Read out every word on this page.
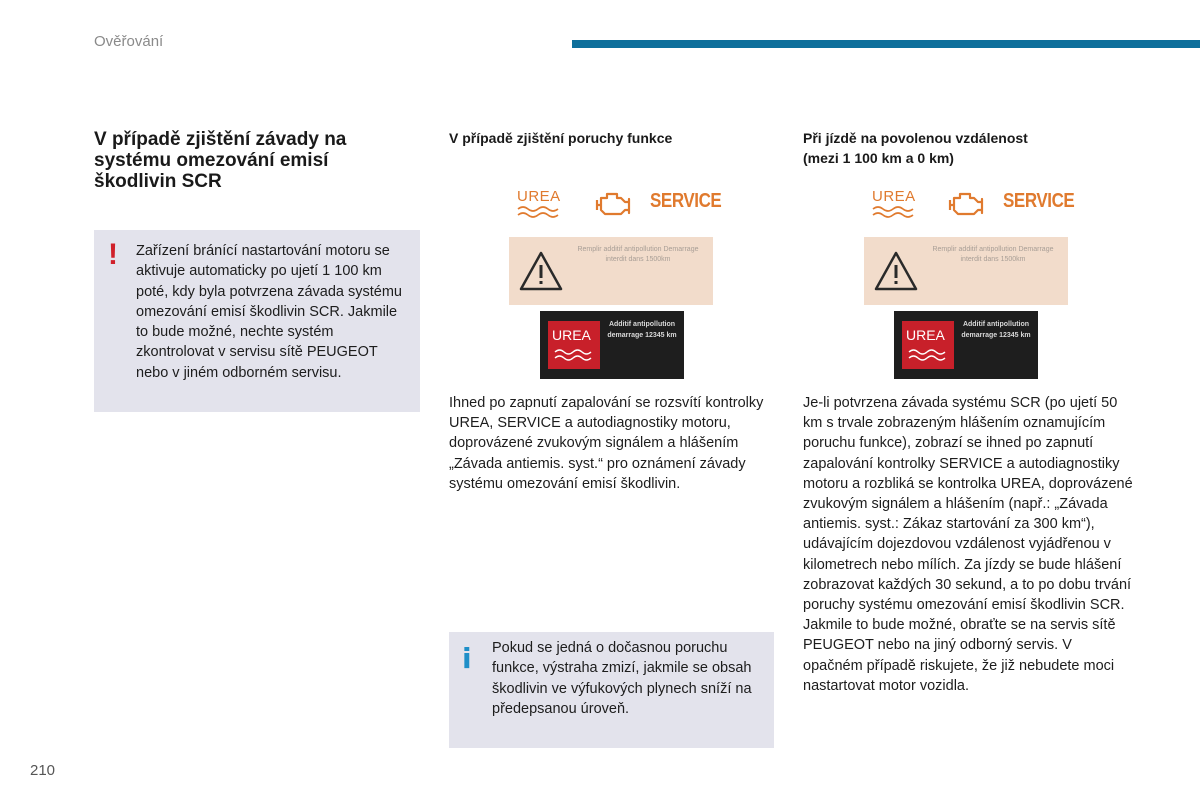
Ověřování
V případě zjištění závady na systému omezování emisí škodlivin SCR
! Zařízení bránící nastartování motoru se aktivuje automaticky po ujetí 1 100 km poté, kdy byla potvrzena závada systému omezování emisí škodlivin SCR. Jakmile to bude možné, nechte systém zkontrolovat v servisu sítě PEUGEOT nebo v jiném odborném servisu.
V případě zjištění poruchy funkce
UREA	SERVICE
Remplir additif antipollution Demarrage interdit dans 1500km
UREA
Additif antipollution demarrage 12345 km
Ihned po zapnutí zapalování se rozsvítí kontrolky UREA, SERVICE a autodiagnostiky motoru, doprovázené zvukovým signálem a hlášením „Závada antiemis. syst.“ pro oznámení závady systému omezování emisí škodlivin.
i Pokud se jedná o dočasnou poruchu funkce, výstraha zmizí, jakmile se obsah škodlivin ve výfukových plynech sníží na předepsanou úroveň.
Při jízdě na povolenou vzdálenost
(mezi 1 100 km a 0 km)
UREA	SERVICE
Remplir additif antipollution Demarrage interdit dans 1500km
UREA
Additif antipollution demarrage 12345 km
Je-li potvrzena závada systému SCR (po ujetí 50 km s trvale zobrazeným hlášením oznamujícím poruchu funkce), zobrazí se ihned po zapnutí zapalování kontrolky SERVICE a autodiagnostiky motoru a rozbliká se kontrolka UREA, doprovázené zvukovým signálem a hlášením (např.: „Závada antiemis. syst.: Zákaz startování za 300 km“), udávajícím dojezdovou vzdálenost vyjádřenou v kilometrech nebo mílích. Za jízdy se bude hlášení zobrazovat každých 30 sekund, a to po dobu trvání poruchy systému omezování emisí škodlivin SCR. Jakmile to bude možné, obraťte se na servis sítě PEUGEOT nebo na jiný odborný servis. V opačném případě riskujete, že již nebudete moci nastartovat motor vozidla.
210
